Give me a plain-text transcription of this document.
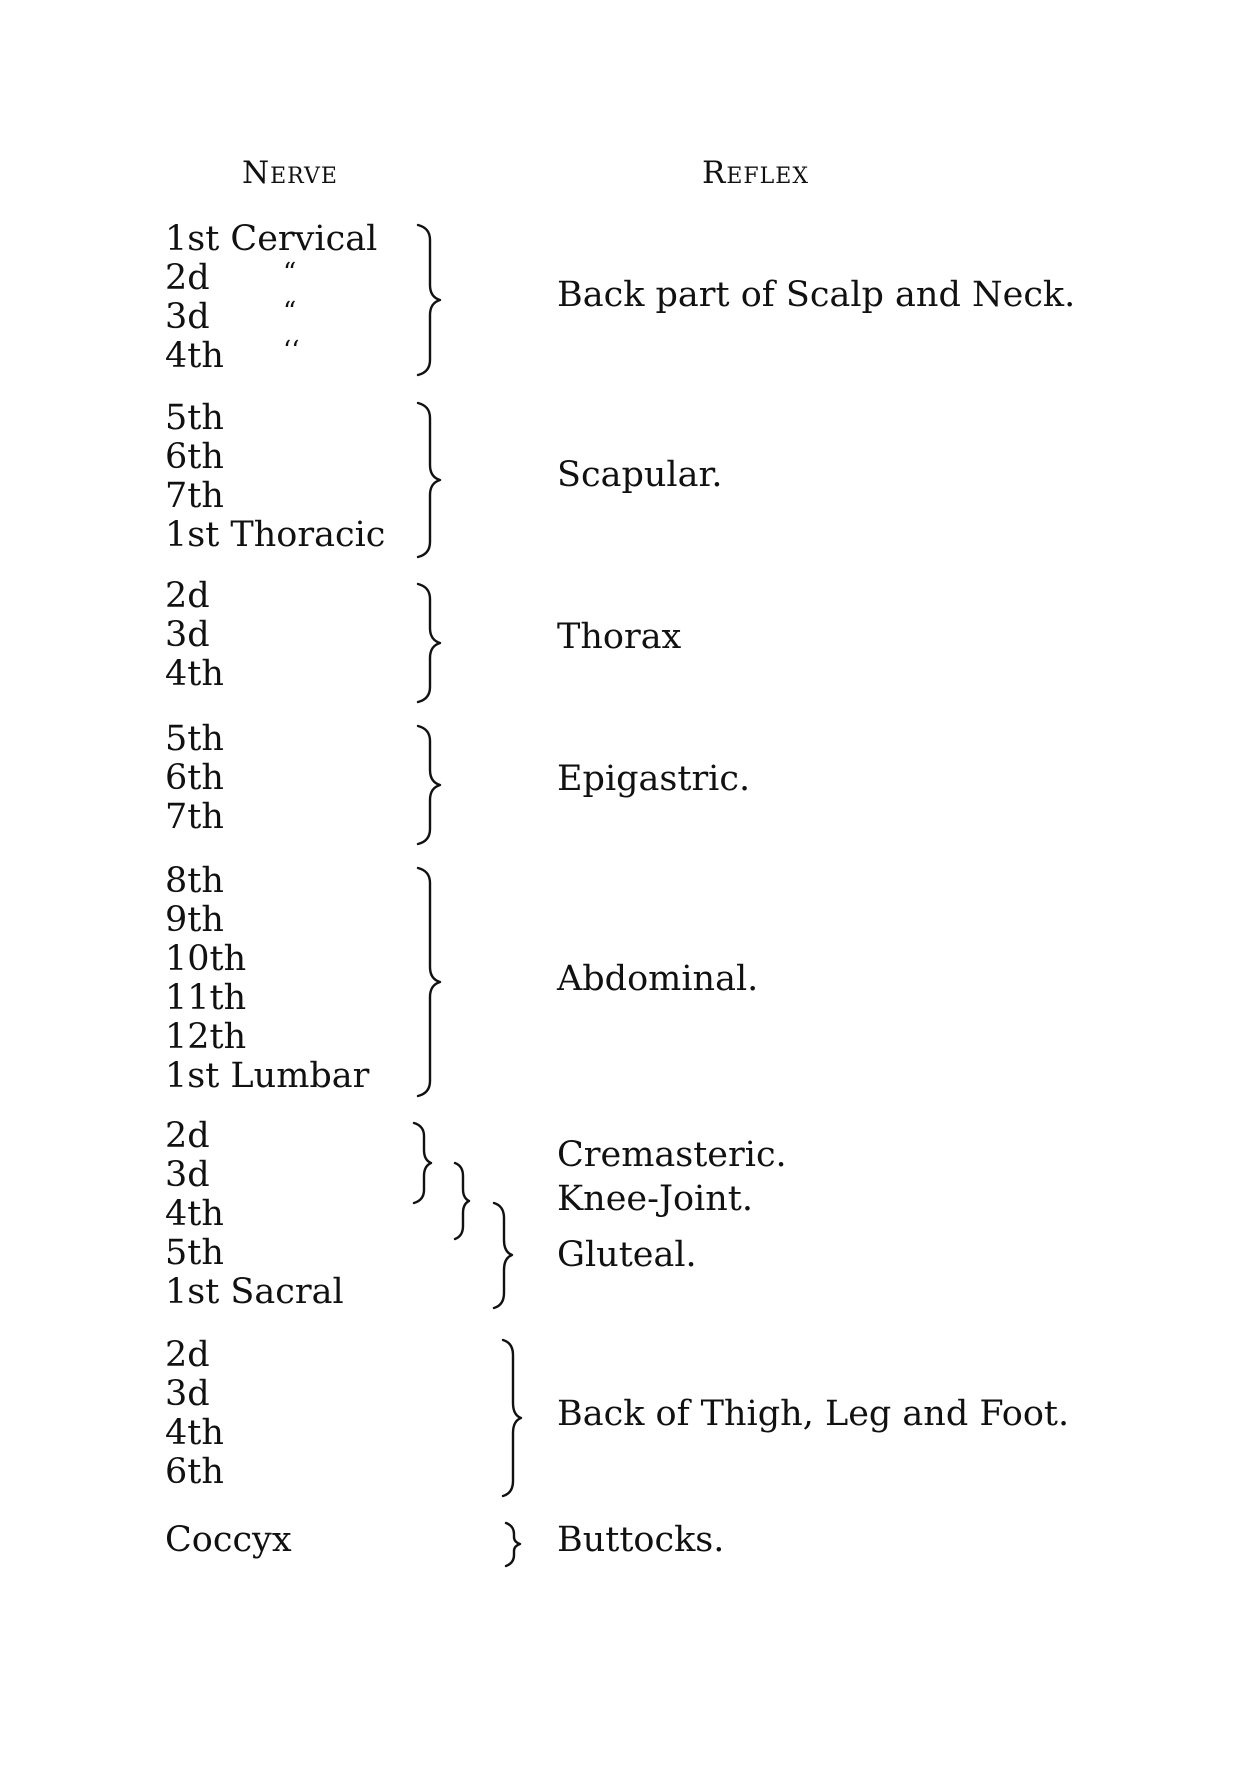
Nerve	Reflex
1st Cervical
2d
3d
4th
“
“
‘‘
Back part of Scalp and Neck.
5th
6th
7th
1st Thoracic
Scapular.
2d
3d
4th
Thorax
5th
6th
7th
Epigastric.
8th
9th
10th
11th
12th
1st Lumbar
Abdominal.
2d
3d
4th
5th
1st Sacral
Cremasteric.
Knee-Joint.
Gluteal.
2d
3d
4th
6th
Back of Thigh, Leg and Foot.
Coccyx	Buttocks.
